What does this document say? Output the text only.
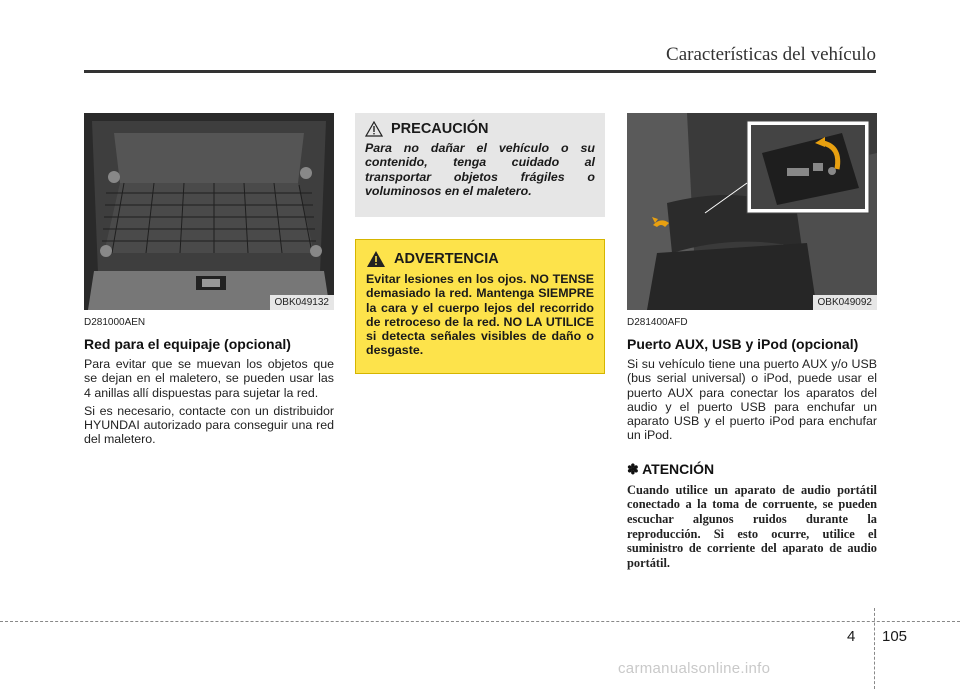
Características del vehículo
OBK049132
D281000AEN
Red para el equipaje (opcional)

Para evitar que se muevan los objetos que se dejan en el maletero, se pueden usar las 4 anillas allí dispuestas para sujetar la red.

Si es necesario, contacte con un distribuidor HYUNDAI autorizado para conseguir una red del maletero.

PRECAUCIÓN
Para no dañar el vehículo o su contenido, tenga cuidado al transportar objetos frágiles o voluminosos en el maletero.
ADVERTENCIA
Evitar lesiones en los ojos. NO TENSE demasiado la red. Mantenga SIEMPRE la cara y el cuerpo lejos del recorrido de retroceso de la red. NO LA UTILICE si detecta señales visibles de daño o desgaste.
OBK049092
D281400AFD
Puerto AUX, USB y iPod (opcional)

Si su vehículo tiene una puerto AUX y/o USB (bus serial universal) o iPod, puede usar el puerto AUX para conectar los aparatos del audio y el puerto USB para enchufar un aparato USB y el puerto iPod para enchufar un iPod.

✽ ATENCIÓN
Cuando utilice un aparato de audio portátil conectado a la toma de corruente, se pueden escuchar algunos ruidos durante la reproducción. Si esto ocurre, utilice el suministro de corriente del aparato de audio portátil.
4 105
carmanualsonline.info
